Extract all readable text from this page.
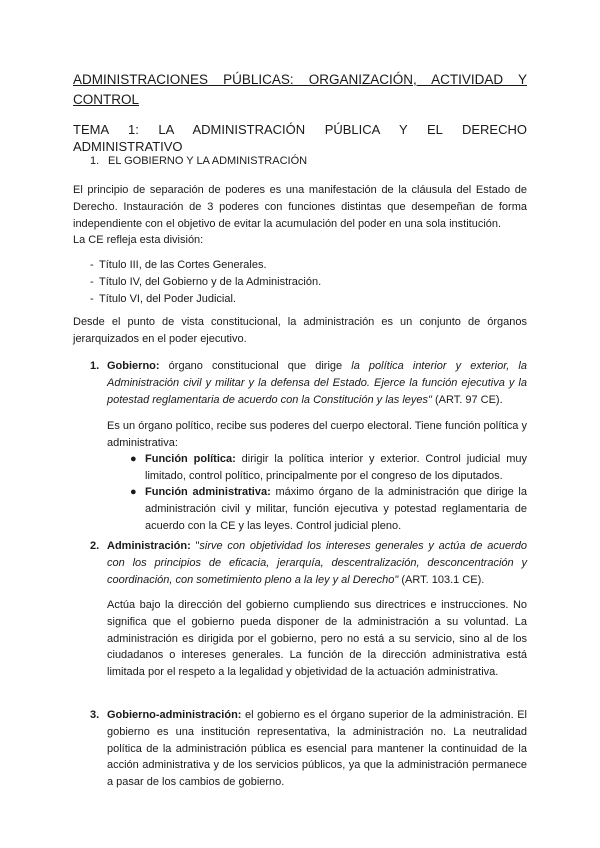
ADMINISTRACIONES PÚBLICAS: ORGANIZACIÓN, ACTIVIDAD Y CONTROL
TEMA 1: LA ADMINISTRACIÓN PÚBLICA Y EL DERECHO ADMINISTRATIVO
1. EL GOBIERNO Y LA ADMINISTRACIÓN
El principio de separación de poderes es una manifestación de la cláusula del Estado de Derecho. Instauración de 3 poderes con funciones distintas que desempeñan de forma independiente con el objetivo de evitar la acumulación del poder en una sola institución.
La CE refleja esta división:
- Título III, de las Cortes Generales.
- Título IV, del Gobierno y de la Administración.
- Título VI, del Poder Judicial.
Desde el punto de vista constitucional, la administración es un conjunto de órganos jerarquizados en el poder ejecutivo.
1. Gobierno: órgano constitucional que dirige la política interior y exterior, la Administración civil y militar y la defensa del Estado. Ejerce la función ejecutiva y la potestad reglamentaria de acuerdo con la Constitución y las leyes" (ART. 97 CE).
Es un órgano político, recibe sus poderes del cuerpo electoral. Tiene función política y administrativa:
● Función política: dirigir la política interior y exterior. Control judicial muy limitado, control político, principalmente por el congreso de los diputados.
● Función administrativa: máximo órgano de la administración que dirige la administración civil y militar, función ejecutiva y potestad reglamentaria de acuerdo con la CE y las leyes. Control judicial pleno.
2. Administración: "sirve con objetividad los intereses generales y actúa de acuerdo con los principios de eficacia, jerarquía, descentralización, desconcentración y coordinación, con sometimiento pleno a la ley y al Derecho" (ART. 103.1 CE).
Actúa bajo la dirección del gobierno cumpliendo sus directrices e instrucciones. No significa que el gobierno pueda disponer de la administración a su voluntad. La administración es dirigida por el gobierno, pero no está a su servicio, sino al de los ciudadanos o intereses generales. La función de la dirección administrativa está limitada por el respeto a la legalidad y objetividad de la actuación administrativa.
3. Gobierno-administración: el gobierno es el órgano superior de la administración. El gobierno es una institución representativa, la administración no. La neutralidad política de la administración pública es esencial para mantener la continuidad de la acción administrativa y de los servicios públicos, ya que la administración permanece a pasar de los cambios de gobierno.
